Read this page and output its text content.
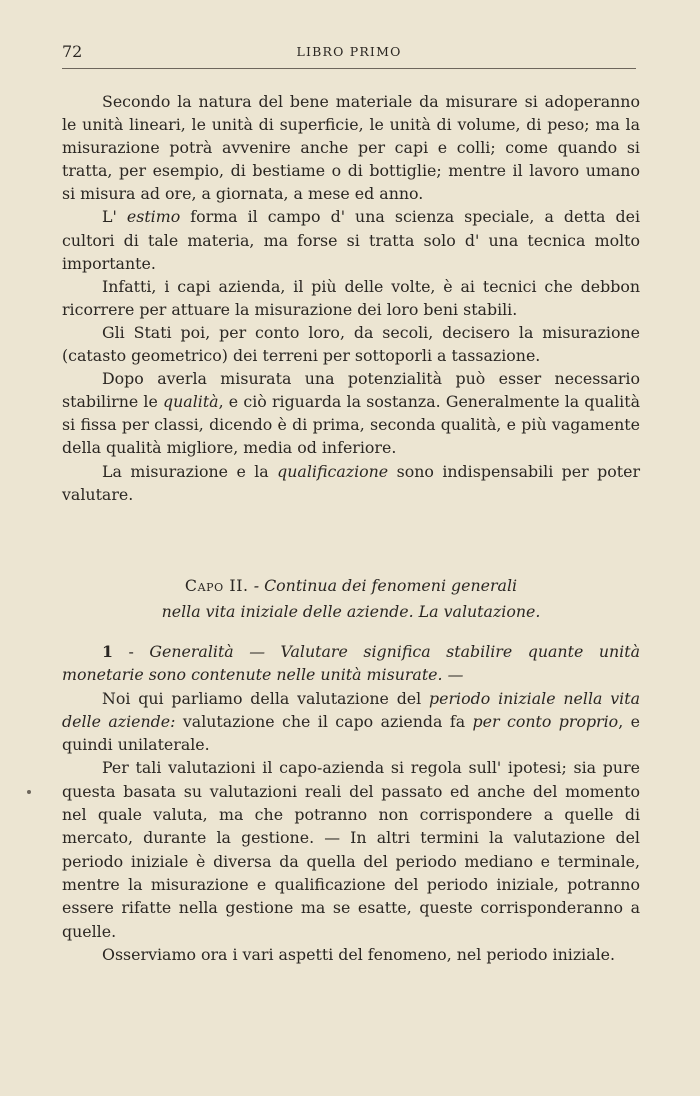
72	LIBRO PRIMO

Secondo la natura del bene materiale da misurare si adoperanno le unità lineari, le unità di superficie, le unità di volume, di peso; ma la misurazione potrà avvenire anche per capi e colli; come quando si tratta, per esempio, di bestiame o di bottiglie; mentre il lavoro umano si misura ad ore, a giornata, a mese ed anno.

L' estimo forma il campo d' una scienza speciale, a detta dei cultori di tale materia, ma forse si tratta solo d' una tecnica molto importante.

Infatti, i capi azienda, il più delle volte, è ai tecnici che debbon ricorrere per attuare la misurazione dei loro beni stabili.

Gli Stati poi, per conto loro, da secoli, decisero la misurazione (catasto geometrico) dei terreni per sottoporli a tassazione.

Dopo averla misurata una potenzialità può esser necessario stabilirne le qualità, e ciò riguarda la sostanza. Generalmente la qualità si fissa per classi, dicendo è di prima, seconda qualità, e più vagamente della qualità migliore, media od inferiore.

La misurazione e la qualificazione sono indispensabili per poter valutare.

Capo II. - Continua dei fenomeni generali
nella vita iniziale delle aziende. La valutazione.

1 - Generalità — Valutare significa stabilire quante unità monetarie sono contenute nelle unità misurate. —

Noi qui parliamo della valutazione del periodo iniziale nella vita delle aziende: valutazione che il capo azienda fa per conto proprio, e quindi unilaterale.

Per tali valutazioni il capo-azienda si regola sull' ipotesi; sia pure questa basata su valutazioni reali del passato ed anche del momento nel quale valuta, ma che potranno non corrispondere a quelle di mercato, durante la gestione. — In altri termini la valutazione del periodo iniziale è diversa da quella del periodo mediano e terminale, mentre la misurazione e qualificazione del periodo iniziale, potranno essere rifatte nella gestione ma se esatte, queste corrisponderanno a quelle.

Osserviamo ora i vari aspetti del fenomeno, nel periodo iniziale.
